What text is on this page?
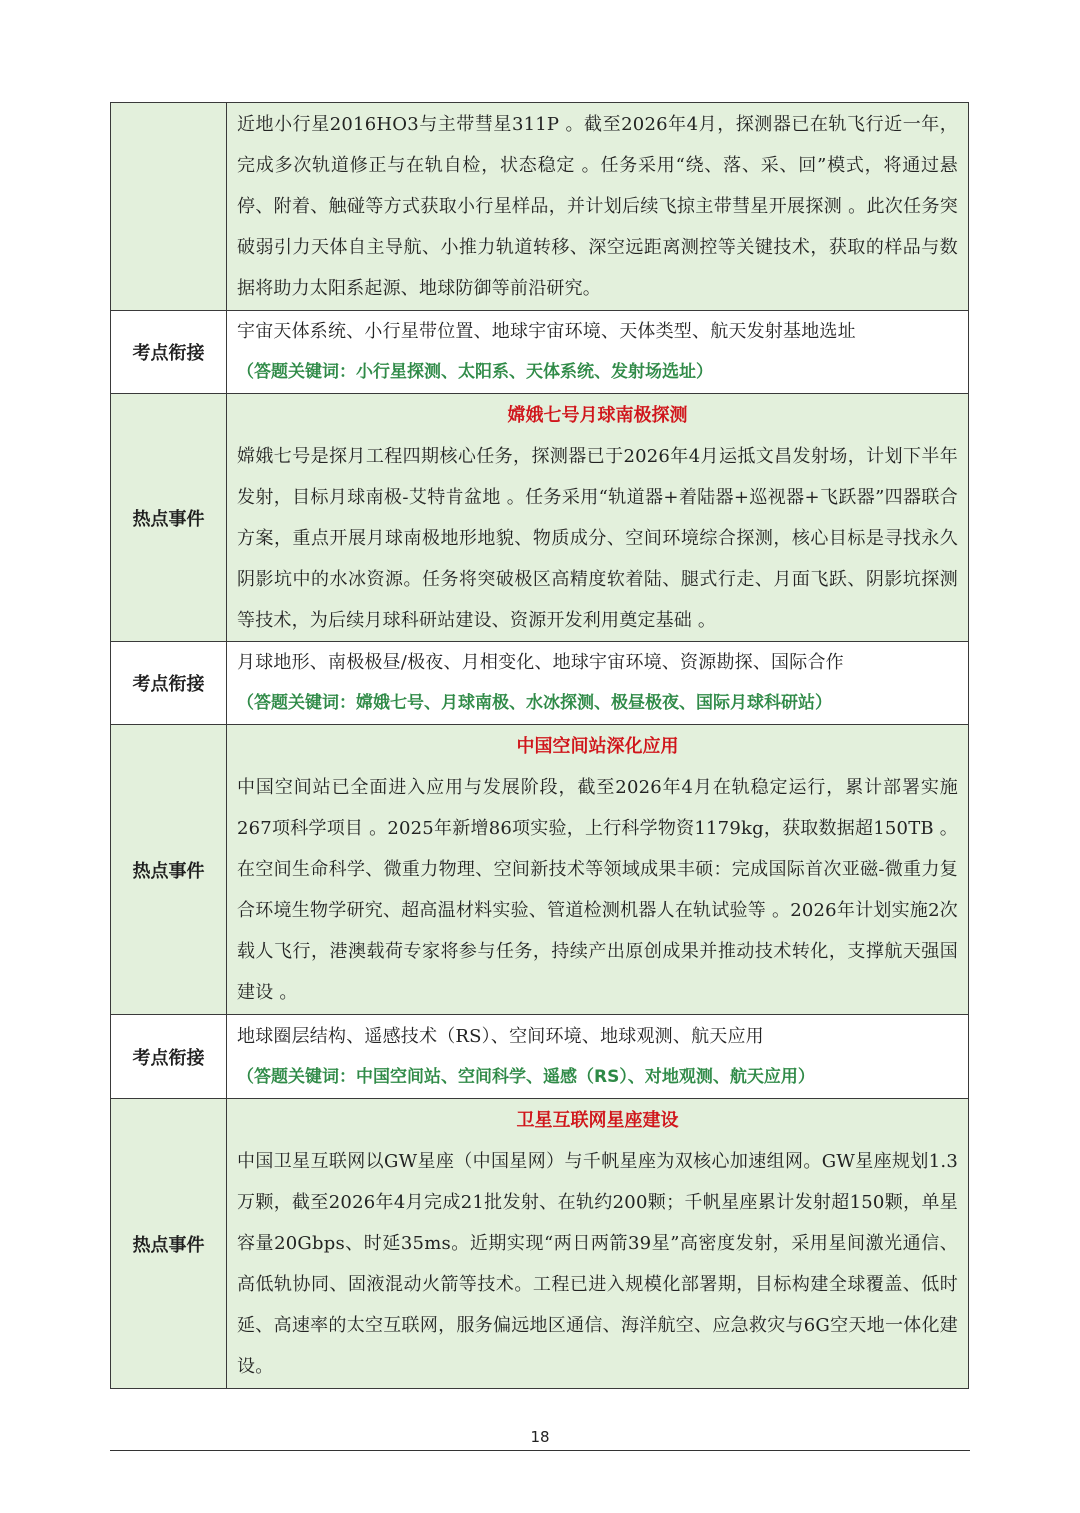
	近地小行星2016HO3与主带彗星311P 。截至2026年4月，探测器已在轨飞行近一年，完成多次轨道修正与在轨自检，状态稳定 。任务采用“绕、落、采、回”模式，将通过悬停、附着、触碰等方式获取小行星样品，并计划后续飞掠主带彗星开展探测 。此次任务突破弱引力天体自主导航、小推力轨道转移、深空远距离测控等关键技术，获取的样品与数据将助力太阳系起源、地球防御等前沿研究。

考点衔接	宇宙天体系统、小行星带位置、地球宇宙环境、天体类型、航天发射基地选址

（答题关键词：小行星探测、太阳系、天体系统、发射场选址）

热点事件	嫦娥七号月球南极探测

嫦娥七号是探月工程四期核心任务，探测器已于2026年4月运抵文昌发射场，计划下半年发射，目标月球南极-艾特肯盆地 。任务采用“轨道器+着陆器+巡视器+飞跃器”四器联合方案，重点开展月球南极地形地貌、物质成分、空间环境综合探测，核心目标是寻找永久阴影坑中的水冰资源。任务将突破极区高精度软着陆、腿式行走、月面飞跃、阴影坑探测等技术，为后续月球科研站建设、资源开发利用奠定基础 。

考点衔接	月球地形、南极极昼/极夜、月相变化、地球宇宙环境、资源勘探、国际合作

（答题关键词：嫦娥七号、月球南极、水冰探测、极昼极夜、国际月球科研站）

热点事件	中国空间站深化应用

中国空间站已全面进入应用与发展阶段，截至2026年4月在轨稳定运行，累计部署实施267项科学项目 。2025年新增86项实验，上行科学物资1179kg，获取数据超150TB 。在空间生命科学、微重力物理、空间新技术等领域成果丰硕：完成国际首次亚磁-微重力复合环境生物学研究、超高温材料实验、管道检测机器人在轨试验等 。2026年计划实施2次载人飞行，港澳载荷专家将参与任务，持续产出原创成果并推动技术转化，支撑航天强国建设 。

考点衔接	地球圈层结构、遥感技术（RS）、空间环境、地球观测、航天应用

（答题关键词：中国空间站、空间科学、遥感（RS）、对地观测、航天应用）

热点事件	卫星互联网星座建设

中国卫星互联网以GW星座（中国星网）与千帆星座为双核心加速组网。GW星座规划1.3万颗，截至2026年4月完成21批发射、在轨约200颗；千帆星座累计发射超150颗，单星容量20Gbps、时延35ms。近期实现“两日两箭39星”高密度发射，采用星间激光通信、高低轨协同、固液混动火箭等技术。工程已进入规模化部署期，目标构建全球覆盖、低时延、高速率的太空互联网，服务偏远地区通信、海洋航空、应急救灾与6G空天地一体化建设。

18
